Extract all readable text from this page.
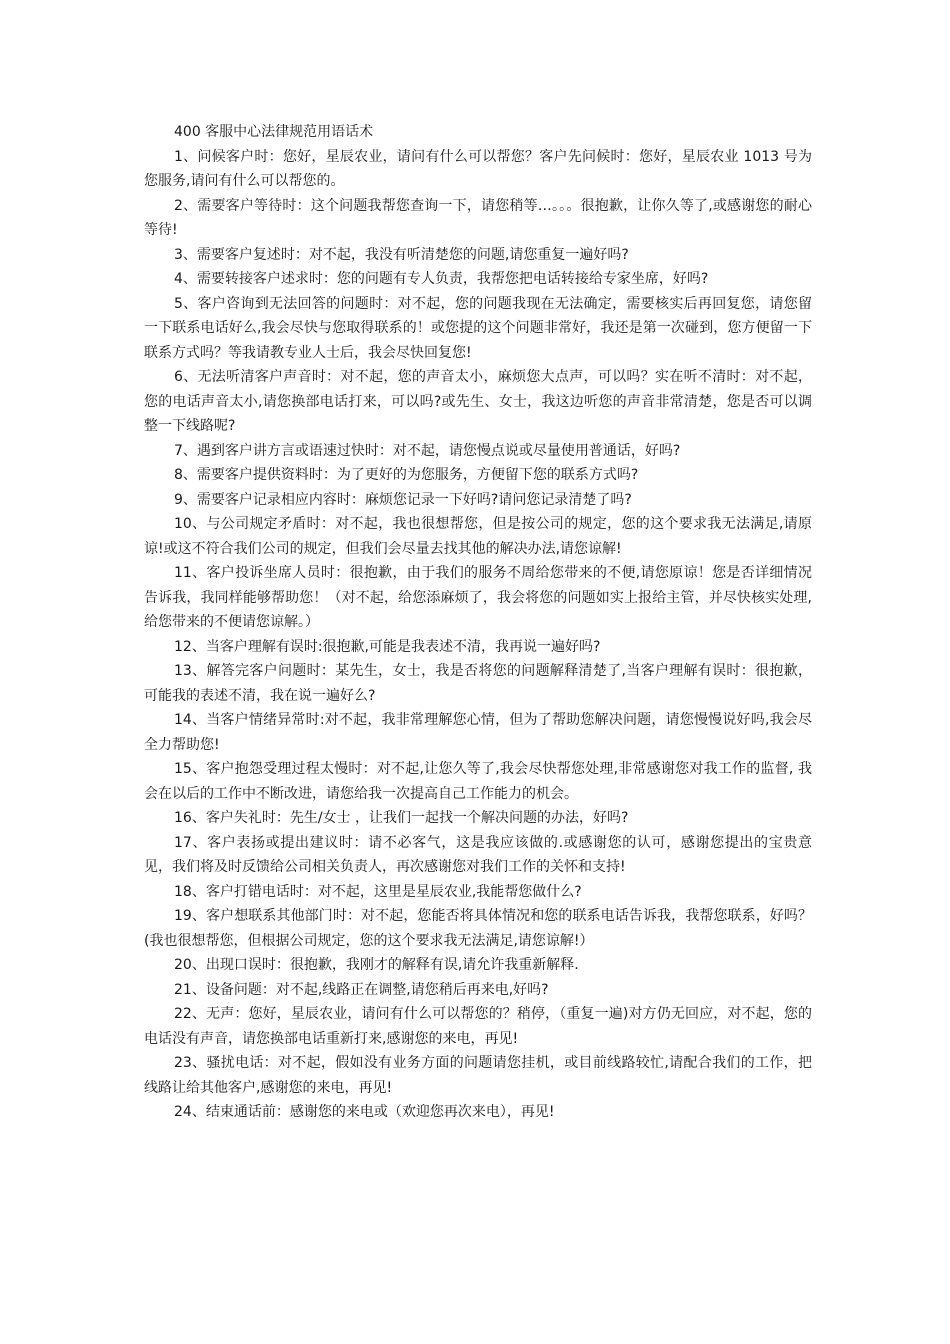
400 客服中心法律规范用语话术

1、问候客户时：您好，星辰农业，请问有什么可以帮您？客户先问候时：您好，星辰农业 1013 号为您服务,请问有什么可以帮您的。

2、需要客户等待时：这个问题我帮您查询一下，请您稍等…。。。很抱歉，让你久等了,或感谢您的耐心等待!

3、需要客户复述时：对不起，我没有听清楚您的问题,请您重复一遍好吗?

4、需要转接客户述求时：您的问题有专人负责，我帮您把电话转接给专家坐席，好吗?

5、客户咨询到无法回答的问题时：对不起，您的问题我现在无法确定，需要核实后再回复您，请您留一下联系电话好么,我会尽快与您取得联系的！或您提的这个问题非常好，我还是第一次碰到，您方便留一下联系方式吗？等我请教专业人士后，我会尽快回复您!

6、无法听清客户声音时：对不起，您的声音太小，麻烦您大点声，可以吗？实在听不清时：对不起，您的电话声音太小,请您换部电话打来，可以吗?或先生、女士，我这边听您的声音非常清楚，您是否可以调整一下线路呢?

7、遇到客户讲方言或语速过快时：对不起，请您慢点说或尽量使用普通话，好吗?

8、需要客户提供资料时：为了更好的为您服务，方便留下您的联系方式吗?

9、需要客户记录相应内容时：麻烦您记录一下好吗?请问您记录清楚了吗?

10、与公司规定矛盾时：对不起，我也很想帮您，但是按公司的规定，您的这个要求我无法满足,请原谅!或这不符合我们公司的规定，但我们会尽量去找其他的解决办法,请您谅解!

11、客户投诉坐席人员时：很抱歉，由于我们的服务不周给您带来的不便,请您原谅！您是否详细情况告诉我，我同样能够帮助您！（对不起，给您添麻烦了，我会将您的问题如实上报给主管，并尽快核实处理,给您带来的不便请您谅解。）

12、当客户理解有误时:很抱歉,可能是我表述不清，我再说一遍好吗?

13、解答完客户问题时：某先生，女士，我是否将您的问题解释清楚了,当客户理解有误时：很抱歉，可能我的表述不清，我在说一遍好么?

14、当客户情绪异常时:对不起，我非常理解您心情，但为了帮助您解决问题，请您慢慢说好吗,我会尽全力帮助您!

15、客户抱怨受理过程太慢时：对不起,让您久等了,我会尽快帮您处理,非常感谢您对我工作的监督, 我会在以后的工作中不断改进，请您给我一次提高自己工作能力的机会。

16、客户失礼时：先生/女士 ，让我们一起找一个解决问题的办法，好吗?

17、客户表扬或提出建议时：请不必客气，这是我应该做的.或感谢您的认可，感谢您提出的宝贵意见，我们将及时反馈给公司相关负责人，再次感谢您对我们工作的关怀和支持!

18、客户打错电话时：对不起，这里是星辰农业,我能帮您做什么?

19、客户想联系其他部门时：对不起，您能否将具体情况和您的联系电话告诉我，我帮您联系，好吗？(我也很想帮您，但根据公司规定，您的这个要求我无法满足,请您谅解!）

20、出现口误时：很抱歉，我刚才的解释有误,请允许我重新解释.

21、设备问题：对不起,线路正在调整,请您稍后再来电,好吗?

22、无声：您好，星辰农业，请问有什么可以帮您的？稍停，（重复一遍)对方仍无回应，对不起，您的电话没有声音，请您换部电话重新打来,感谢您的来电，再见!

23、骚扰电话：对不起，假如没有业务方面的问题请您挂机，或目前线路较忙,请配合我们的工作，把线路让给其他客户,感谢您的来电，再见!

24、结束通话前：感谢您的来电或（欢迎您再次来电），再见!
